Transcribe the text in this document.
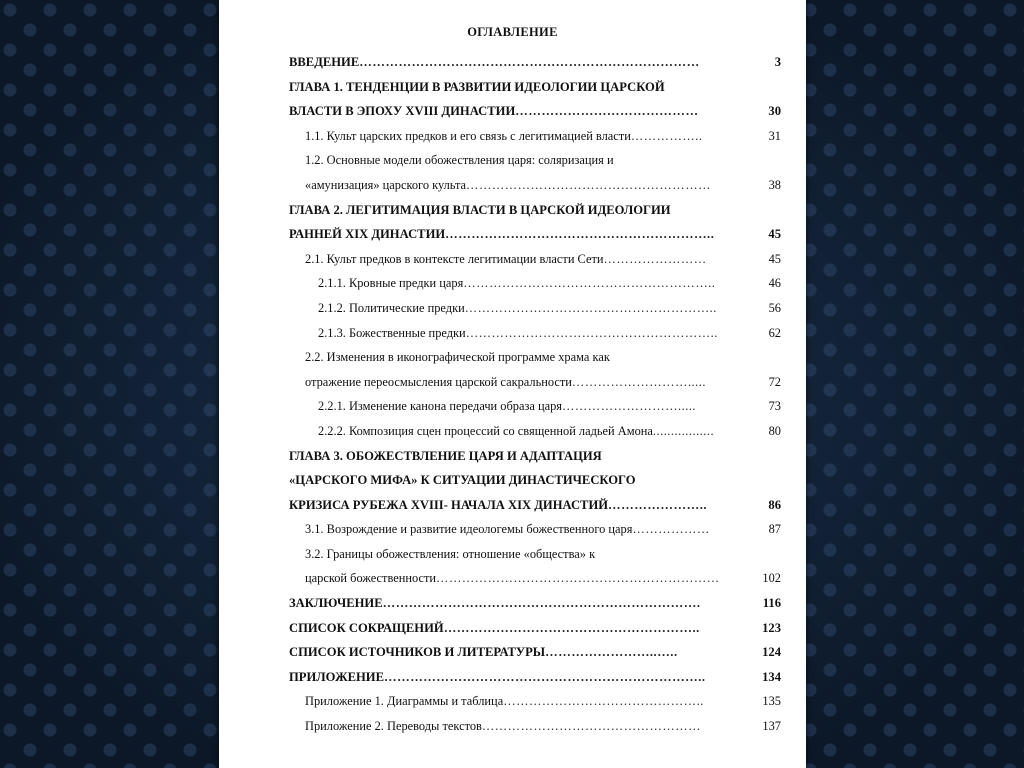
ОГЛАВЛЕНИЕ
ВВЕДЕНИЕ……………………………………………………………………	3
ГЛАВА 1. ТЕНДЕНЦИИ В РАЗВИТИИ ИДЕОЛОГИИ ЦАРСКОЙ
ВЛАСТИ В ЭПОХУ XVIII ДИНАСТИИ……………………………………	30
1.1. Культ царских предков и его связь с легитимацией власти……………..	31
1.2. Основные модели обожествления царя: соляризация и
«амунизация» царского культа…………………………………………………	38
ГЛАВА 2. ЛЕГИТИМАЦИЯ ВЛАСТИ В ЦАРСКОЙ ИДЕОЛОГИИ
РАННЕЙ XIX ДИНАСТИИ……………………………………………………..	45
2.1. Культ предков в контексте легитимации власти Сети……………………	45
2.1.1. Кровные предки царя…………………………………………………..	46
2.1.2. Политические предки…………………………………………………..	56
2.1.3. Божественные предки…………………………………………………..	62
2.2. Изменения в иконографической программе храма как
отражение переосмысления царской сакральности……………………….....	72
2.2.1. Изменение канона передачи образа царя……………………….....	73
2.2.2. Композиция сцен процессий со священной ладьей Амона.................	80
ГЛАВА 3. ОБОЖЕСТВЛЕНИЕ ЦАРЯ И АДАПТАЦИЯ
«ЦАРСКОГО МИФА» К СИТУАЦИИ ДИНАСТИЧЕСКОГО
КРИЗИСА РУБЕЖА XVIII- НАЧАЛА XIX ДИНАСТИЙ…………………..	86
3.1. Возрождение и развитие идеологемы божественного царя………………	87
3.2. Границы обожествления: отношение «общества» к
царской божественности…………………………………………………………	102
ЗАКЛЮЧЕНИЕ……………………………………………………………….	116
СПИСОК СОКРАЩЕНИЙ…………………………………………………..	123
СПИСОК ИСТОЧНИКОВ И ЛИТЕРАТУРЫ……………………..…..	124
ПРИЛОЖЕНИЕ………………………………………………………………..	134
Приложение 1. Диаграммы и таблица………………………………………..	135
Приложение 2. Переводы текстов……………………………………………	137
